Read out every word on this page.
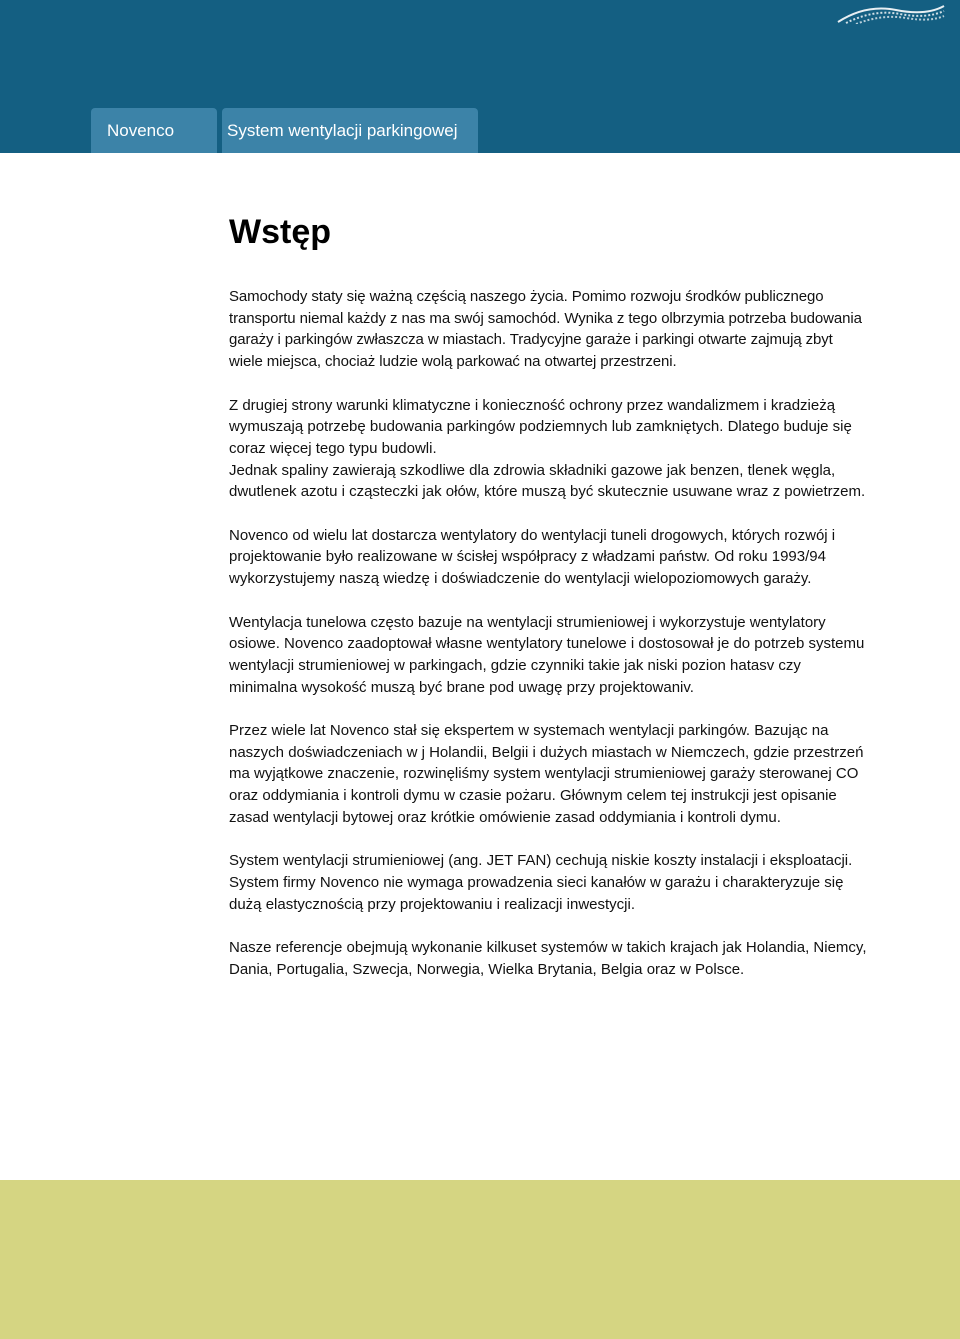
Novenco	System wentylacji parkingowej
Wstęp

Samochody staty się ważną częścią naszego życia. Pomimo rozwoju środków publicznego transportu niemal każdy z nas ma swój samochód. Wynika z tego olbrzymia potrzeba budowania garaży i parkingów zwłaszcza w miastach. Tradycyjne garaże i parkingi otwarte zajmują zbyt wiele miejsca, chociaż ludzie wolą parkować na otwartej przestrzeni.

Z drugiej strony warunki klimatyczne i konieczność ochrony przez wandalizmem i kradzieżą wymuszają potrzebę budowania parkingów podziemnych lub zamkniętych. Dlatego buduje się coraz więcej tego typu budowli.

Jednak spaliny zawierają szkodliwe dla zdrowia składniki gazowe jak benzen, tlenek węgla, dwutlenek azotu i cząsteczki jak ołów, które muszą być skutecznie usuwane wraz z powietrzem.

Novenco od wielu lat dostarcza wentylatory do wentylacji tuneli drogowych, których rozwój i projektowanie było realizowane w ścisłej współpracy z władzami państw. Od roku 1993/94 wykorzystujemy naszą wiedzę i doświadczenie do wentylacji wielopoziomowych garaży.

Wentylacja tunelowa często bazuje na wentylacji strumieniowej i wykorzystuje wentylatory osiowe. Novenco zaadoptował własne wentylatory tunelowe i dostosował je do potrzeb systemu wentylacji strumieniowej w parkingach, gdzie czynniki takie jak niski pozion hatasv czy minimalna wysokość muszą być brane pod uwagę przy projektowaniv.

Przez wiele lat Novenco stał się ekspertem w systemach wentylacji parkingów. Bazując na naszych doświadczeniach w j Holandii, Belgii i dużych miastach w Niemczech, gdzie przestrzeń ma wyjątkowe znaczenie, rozwinęliśmy system wentylacji strumieniowej garaży sterowanej CO oraz oddymiania i kontroli dymu w czasie pożaru. Głównym celem tej instrukcji jest opisanie zasad wentylacji bytowej oraz krótkie omówienie zasad oddymiania i kontroli dymu.

System wentylacji strumieniowej (ang. JET FAN) cechują niskie koszty instalacji i eksploatacji. System firmy Novenco nie wymaga prowadzenia sieci kanałów w garażu i charakteryzuje się dużą elastycznością przy projektowaniu i realizacji inwestycji.

Nasze referencje obejmują wykonanie kilkuset systemów w takich krajach jak Holandia, Niemcy, Dania, Portugalia, Szwecja, Norwegia, Wielka Brytania, Belgia oraz w Polsce.
